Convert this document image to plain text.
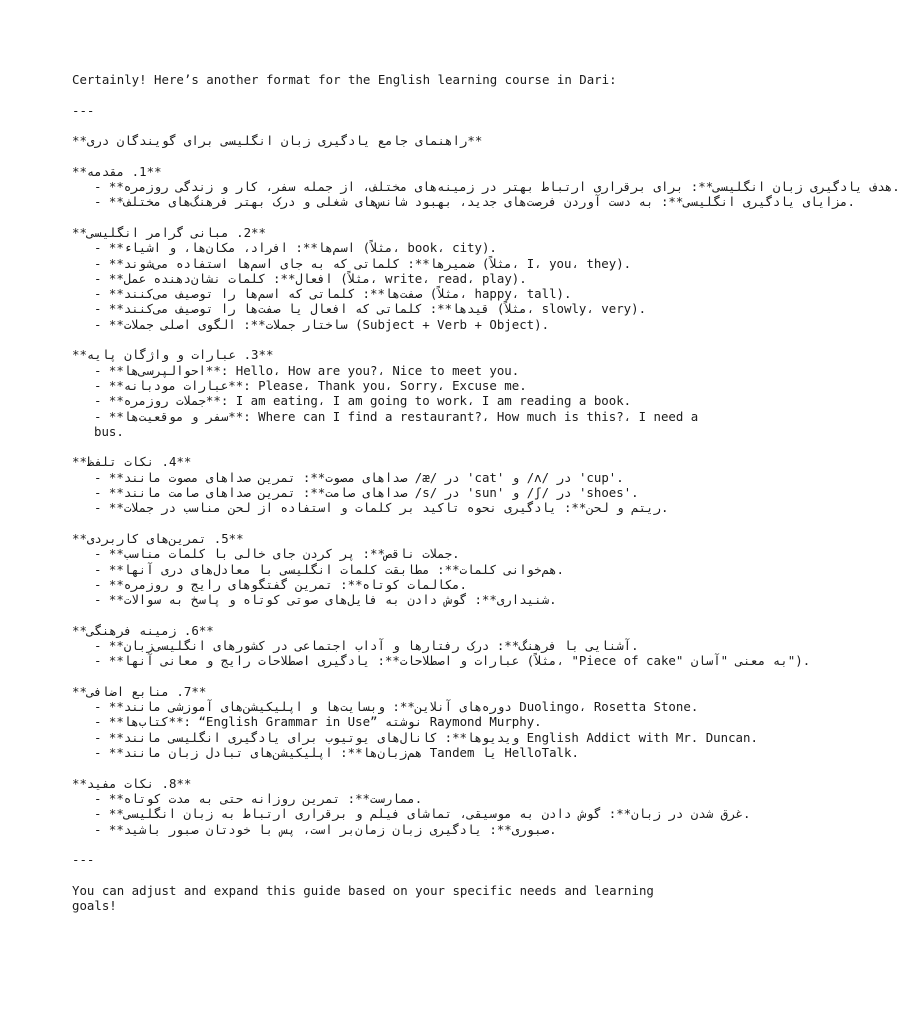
Certainly! Here’s another format for the English learning course in Dari:
---
**راهنمای جامع یادگیری زبان انگلیسی برای گویندگان دری**
**1. مقدمه**
- **هدف یادگیری زبان انگلیسی**: برای برقراری ارتباط بهتر در زمینه‌های مختلف، از جمله سفر، کار و زندگی روزمره.
- **مزایای یادگیری انگلیسی**: به دست آوردن فرصت‌های جدید، بهبود شانس‌های شغلی و درک بهتر فرهنگ‌های مختلف.
**2. مبانی گرامر انگلیسی**
- **اسم‌ها**: افراد، مکان‌ها، و اشیاء (مثلاً، book، city).
- **ضمیرها**: کلماتی که به جای اسم‌ها استفاده می‌شوند (مثلاً، I، you، they).
- **افعال**: کلمات نشان‌دهنده عمل (مثلاً، write، read، play).
- **صفت‌ها**: کلماتی که اسم‌ها را توصیف می‌کنند (مثلاً، happy، tall).
- **قیدها**: کلماتی که افعال یا صفت‌ها را توصیف می‌کنند (مثلاً، slowly، very).
- **ساختار جملات**: الگوی اصلی جملات (Subject + Verb + Object).
**3. عبارات و واژگان پایه**
- **احوالپرسی‌ها**: Hello، How are you?، Nice to meet you.
- **عبارات مودبانه**: Please، Thank you، Sorry، Excuse me.
- **جملات روزمره**: I am eating، I am going to work، I am reading a book.
- **سفر و موقعیت‌ها**: Where can I find a restaurant?، How much is this?، I need a
bus.
**4. نکات تلفظ**
- **صداهای مصوت**: تمرین صداهای مصوت مانند /æ/ در 'cat' و /ʌ/ در 'cup'.
- **صداهای صامت**: تمرین صداهای صامت مانند /s/ در 'sun' و /ʃ/ در 'shoes'.
- **ریتم و لحن**: یادگیری نحوه تاکید بر کلمات و استفاده از لحن مناسب در جملات.
**5. تمرین‌های کاربردی**
- **جملات ناقص**: پر کردن جای خالی با کلمات مناسب.
- **هم‌خوانی کلمات**: مطابقت کلمات انگلیسی با معادل‌های دری آنها.
- **مکالمات کوتاه**: تمرین گفتگوهای رایج و روزمره.
- **شنیداری**: گوش دادن به فایل‌های صوتی کوتاه و پاسخ به سوالات.
**6. زمینه فرهنگی**
- **آشنایی با فرهنگ**: درک رفتارها و آداب اجتماعی در کشورهای انگلیسی‌زبان.
- **عبارات و اصطلاحات**: یادگیری اصطلاحات رایج و معانی آنها (مثلاً، "Piece of cake" به معنی "آسان").
**7. منابع اضافی**
- **دوره‌های آنلاین**: وبسایت‌ها و اپلیکیشن‌های آموزشی مانند Duolingo، Rosetta Stone.
- **کتاب‌ها**: “English Grammar in Use” نوشته Raymond Murphy.
- **ویدیوها**: کانال‌های یوتیوب برای یادگیری انگلیسی مانند English Addict with Mr. Duncan.
- **هم‌زبان‌ها**: اپلیکیشن‌های تبادل زبان مانند Tandem یا HelloTalk.
**8. نکات مفید**
- **ممارست**: تمرین روزانه حتی به مدت کوتاه.
- **غرق شدن در زبان**: گوش دادن به موسیقی، تماشای فیلم و برقراری ارتباط به زبان انگلیسی.
- **صبوری**: یادگیری زبان زمان‌بر است، پس با خودتان صبور باشید.
---
You can adjust and expand this guide based on your specific needs and learning goals!
